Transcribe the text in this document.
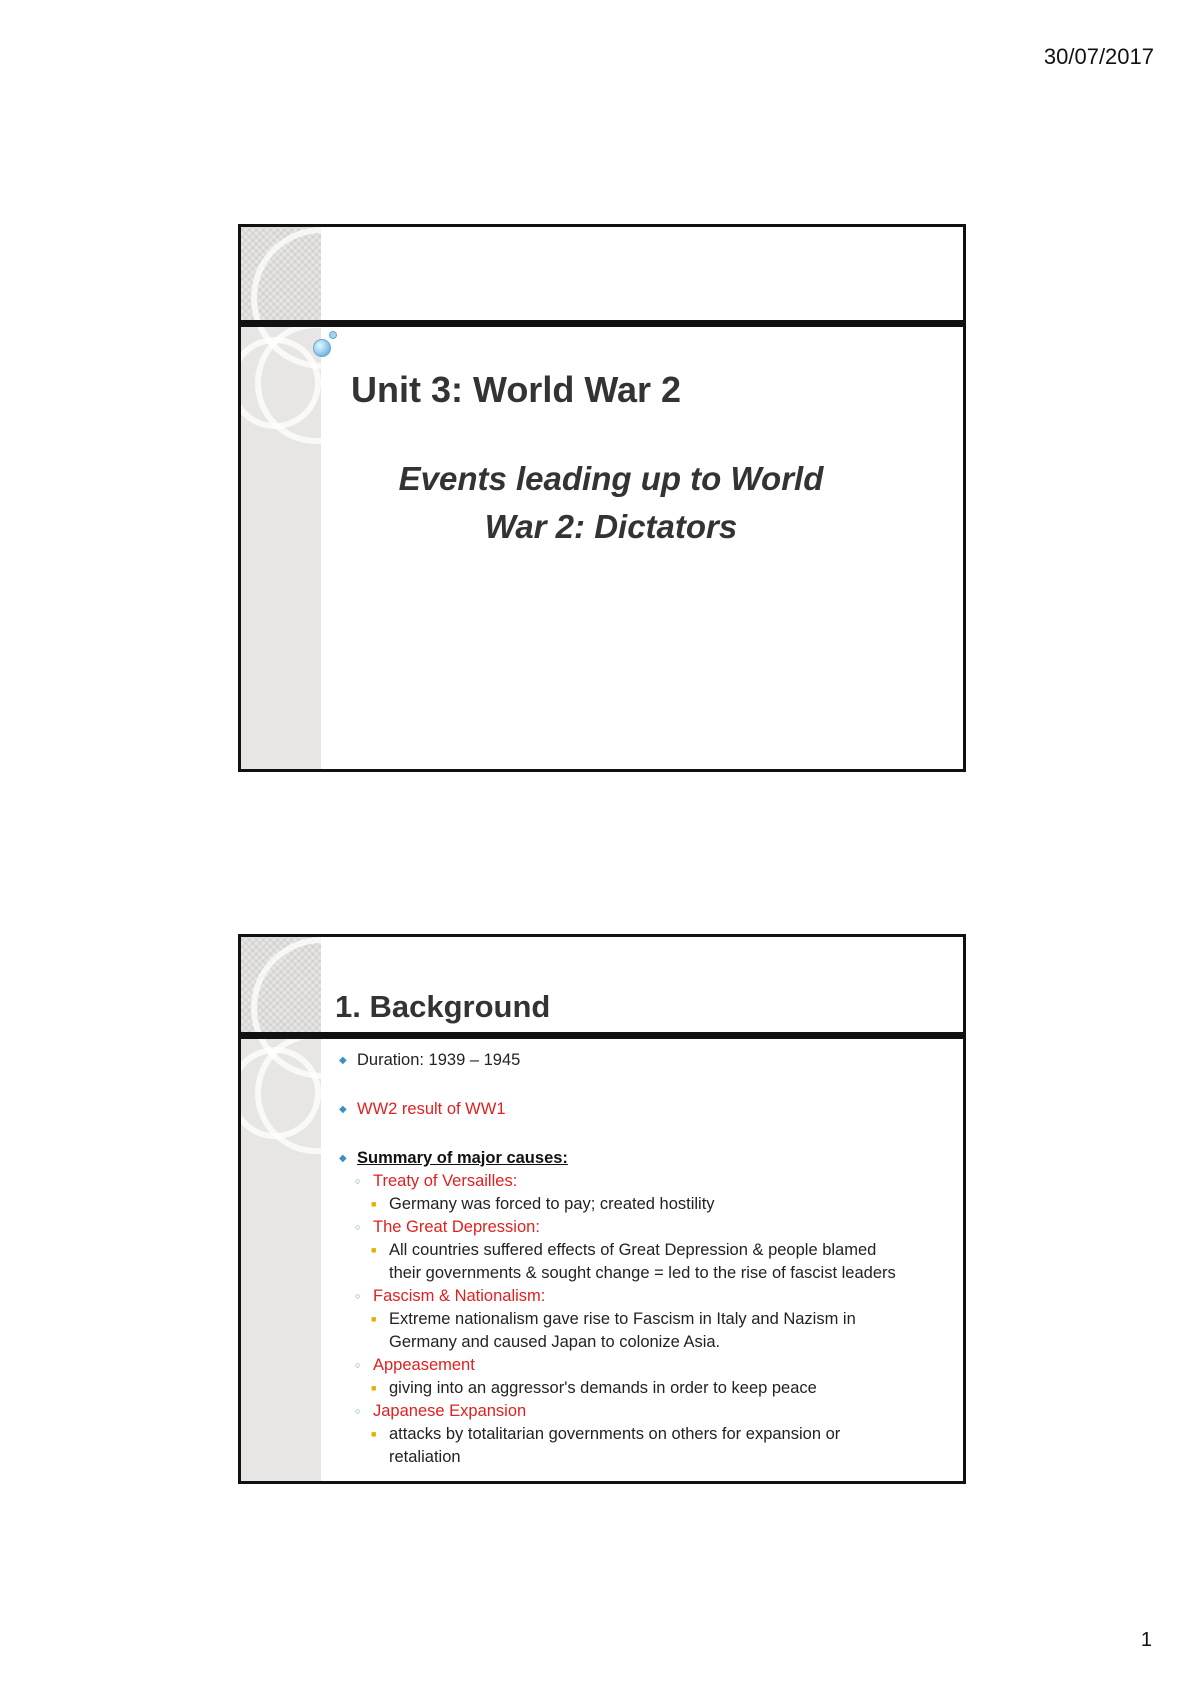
30/07/2017
Unit 3: World War 2
Events leading up to World
War 2: Dictators
1. Background
◆ Duration: 1939 – 1945
◆ WW2 result of WW1
◆ Summary of major causes:
○ Treaty of Versailles:
■ Germany was forced to pay; created hostility
○ The Great Depression:
■ All countries suffered effects of Great Depression & people blamed
their governments & sought change = led to the rise of fascist leaders
○ Fascism & Nationalism:
■ Extreme nationalism gave rise to Fascism in Italy and Nazism in
Germany and caused Japan to colonize Asia.
○ Appeasement
■ giving into an aggressor's demands in order to keep peace
○ Japanese Expansion
■ attacks by totalitarian governments on others for expansion or
retaliation
1
